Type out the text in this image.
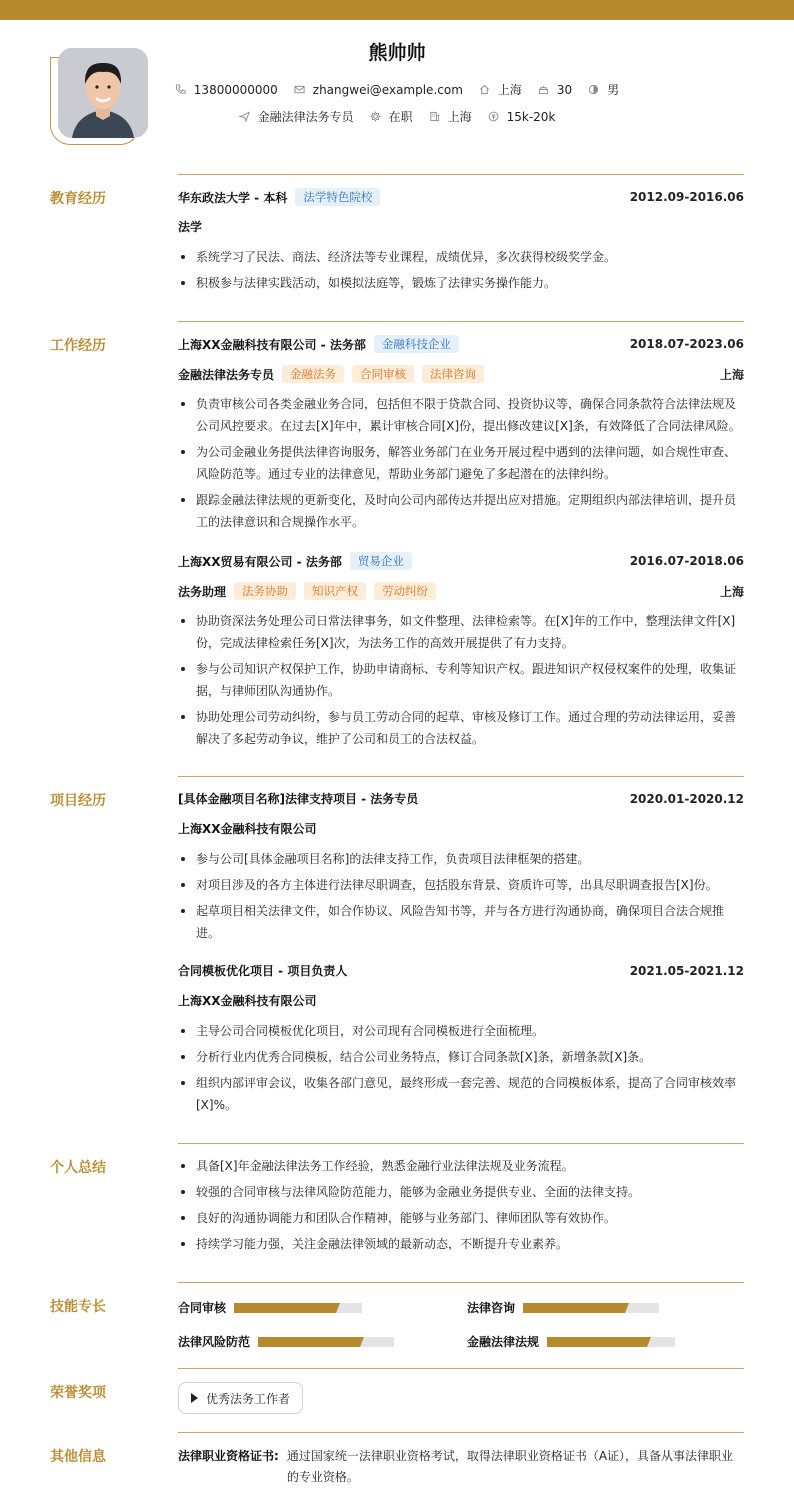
熊帅帅
13800000000	zhangwei@example.com	上海	30	男
金融法律法务专员	在职	上海	15k-20k
教育经历	华东政法大学 - 本科	法学特色院校	2012.09-2016.06
法学
系统学习了民法、商法、经济法等专业课程，成绩优异，多次获得校级奖学金。
积极参与法律实践活动，如模拟法庭等，锻炼了法律实务操作能力。
工作经历	上海XX金融科技有限公司 - 法务部	金融科技企业	2018.07-2023.06
金融法律法务专员	金融法务	合同审核	法律咨询	上海
负责审核公司各类金融业务合同，包括但不限于贷款合同、投资协议等，确保合同条款符合法律法规及公司风控要求。在过去[X]年中，累计审核合同[X]份，提出修改建议[X]条，有效降低了合同法律风险。
为公司金融业务提供法律咨询服务，解答业务部门在业务开展过程中遇到的法律问题，如合规性审查、风险防范等。通过专业的法律意见，帮助业务部门避免了多起潜在的法律纠纷。
跟踪金融法律法规的更新变化，及时向公司内部传达并提出应对措施。定期组织内部法律培训，提升员工的法律意识和合规操作水平。
上海XX贸易有限公司 - 法务部	贸易企业	2016.07-2018.06
法务助理	法务协助	知识产权	劳动纠纷	上海
协助资深法务处理公司日常法律事务，如文件整理、法律检索等。在[X]年的工作中，整理法律文件[X]份，完成法律检索任务[X]次，为法务工作的高效开展提供了有力支持。
参与公司知识产权保护工作，协助申请商标、专利等知识产权。跟进知识产权侵权案件的处理，收集证据，与律师团队沟通协作。
协助处理公司劳动纠纷，参与员工劳动合同的起草、审核及修订工作。通过合理的劳动法律运用，妥善解决了多起劳动争议，维护了公司和员工的合法权益。
项目经历	[具体金融项目名称]法律支持项目 - 法务专员	2020.01-2020.12
上海XX金融科技有限公司
参与公司[具体金融项目名称]的法律支持工作，负责项目法律框架的搭建。
对项目涉及的各方主体进行法律尽职调查，包括股东背景、资质许可等，出具尽职调查报告[X]份。
起草项目相关法律文件，如合作协议、风险告知书等，并与各方进行沟通协商，确保项目合法合规推进。
合同模板优化项目 - 项目负责人	2021.05-2021.12
上海XX金融科技有限公司
主导公司合同模板优化项目，对公司现有合同模板进行全面梳理。
分析行业内优秀合同模板，结合公司业务特点，修订合同条款[X]条，新增条款[X]条。
组织内部评审会议，收集各部门意见，最终形成一套完善、规范的合同模板体系，提高了合同审核效率[X]%。
个人总结	具备[X]年金融法律法务工作经验，熟悉金融行业法律法规及业务流程。
较强的合同审核与法律风险防范能力，能够为金融业务提供专业、全面的法律支持。
良好的沟通协调能力和团队合作精神，能够与业务部门、律师团队等有效协作。
持续学习能力强，关注金融法律领域的最新动态，不断提升专业素养。
技能专长	合同审核	法律咨询
法律风险防范	金融法律法规
荣誉奖项	优秀法务工作者
其他信息	法律职业资格证书: 通过国家统一法律职业资格考试，取得法律职业资格证书（A证），具备从事法律职业的专业资格。
